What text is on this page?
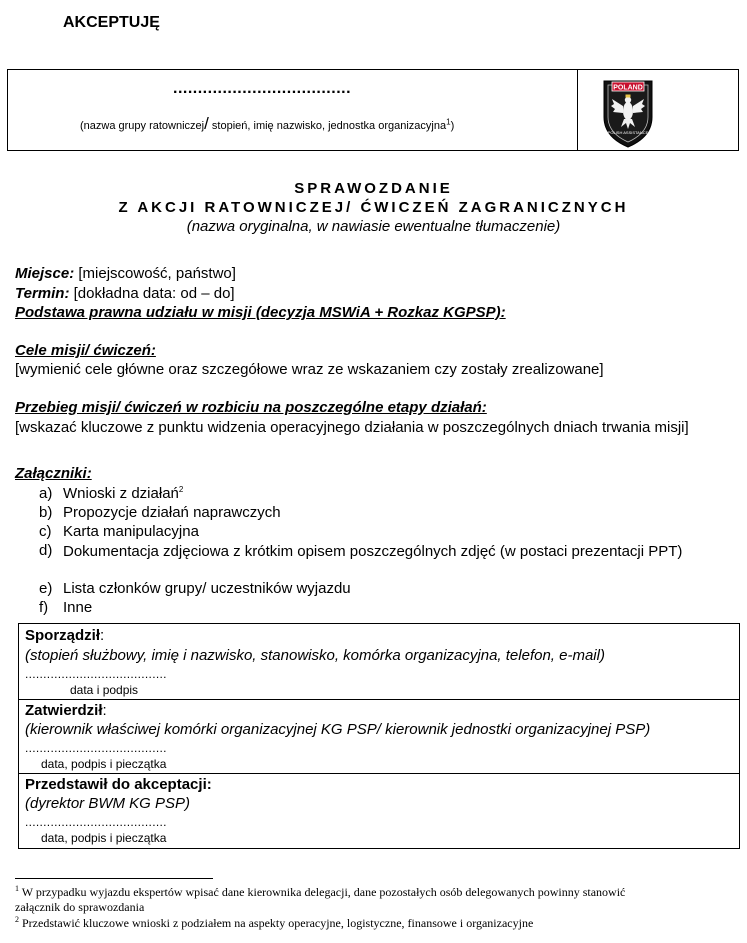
AKCEPTUJĘ
....................................
(nazwa grupy ratowniczej/ stopień, imię nazwisko, jednostka organizacyjna$^1$)
POLAND
POLISH ASSISTANCE
SPRAWOZDANIE
Z AKCJI RATOWNICZEJ/ ĆWICZEŃ ZAGRANICZNYCH
(nazwa oryginalna, w nawiasie ewentualne tłumaczenie)
Miejsce: [miejscowość, państwo]
Termin: [dokładna data: od – do]
Podstawa prawna udziału w misji (decyzja MSWiA + Rozkaz KGPSP):
Cele misji/ ćwiczeń:
[wymienić cele główne oraz szczegółowe wraz ze wskazaniem czy zostały zrealizowane]
Przebieg misji/ ćwiczeń w rozbiciu na poszczególne etapy działań:
[wskazać kluczowe z punktu widzenia operacyjnego działania w poszczególnych dniach trwania misji]
Załączniki:
a) Wnioski z działań$^2$
b) Propozycje działań naprawczych
c) Karta manipulacyjna
d) Dokumentacja zdjęciowa z krótkim opisem poszczególnych zdjęć (w postaci prezentacji PPT)
e) Lista członków grupy/ uczestników wyjazdu
f) Inne
Sporządził:
(stopień służbowy, imię i nazwisko, stanowisko, komórka organizacyjna, telefon, e-mail)
.......................................
data i podpis
Zatwierdził:
(kierownik właściwej komórki organizacyjnej KG PSP/ kierownik jednostki organizacyjnej PSP)
.......................................
data, podpis i pieczątka
Przedstawił do akceptacji:
(dyrektor BWM KG PSP)
.......................................
data, podpis i pieczątka
$^1$ W przypadku wyjazdu ekspertów wpisać dane kierownika delegacji, dane pozostałych osób delegowanych powinny stanowić
załącznik do sprawozdania
$^2$ Przedstawić kluczowe wnioski z podziałem na aspekty operacyjne, logistyczne, finansowe i organizacyjne
